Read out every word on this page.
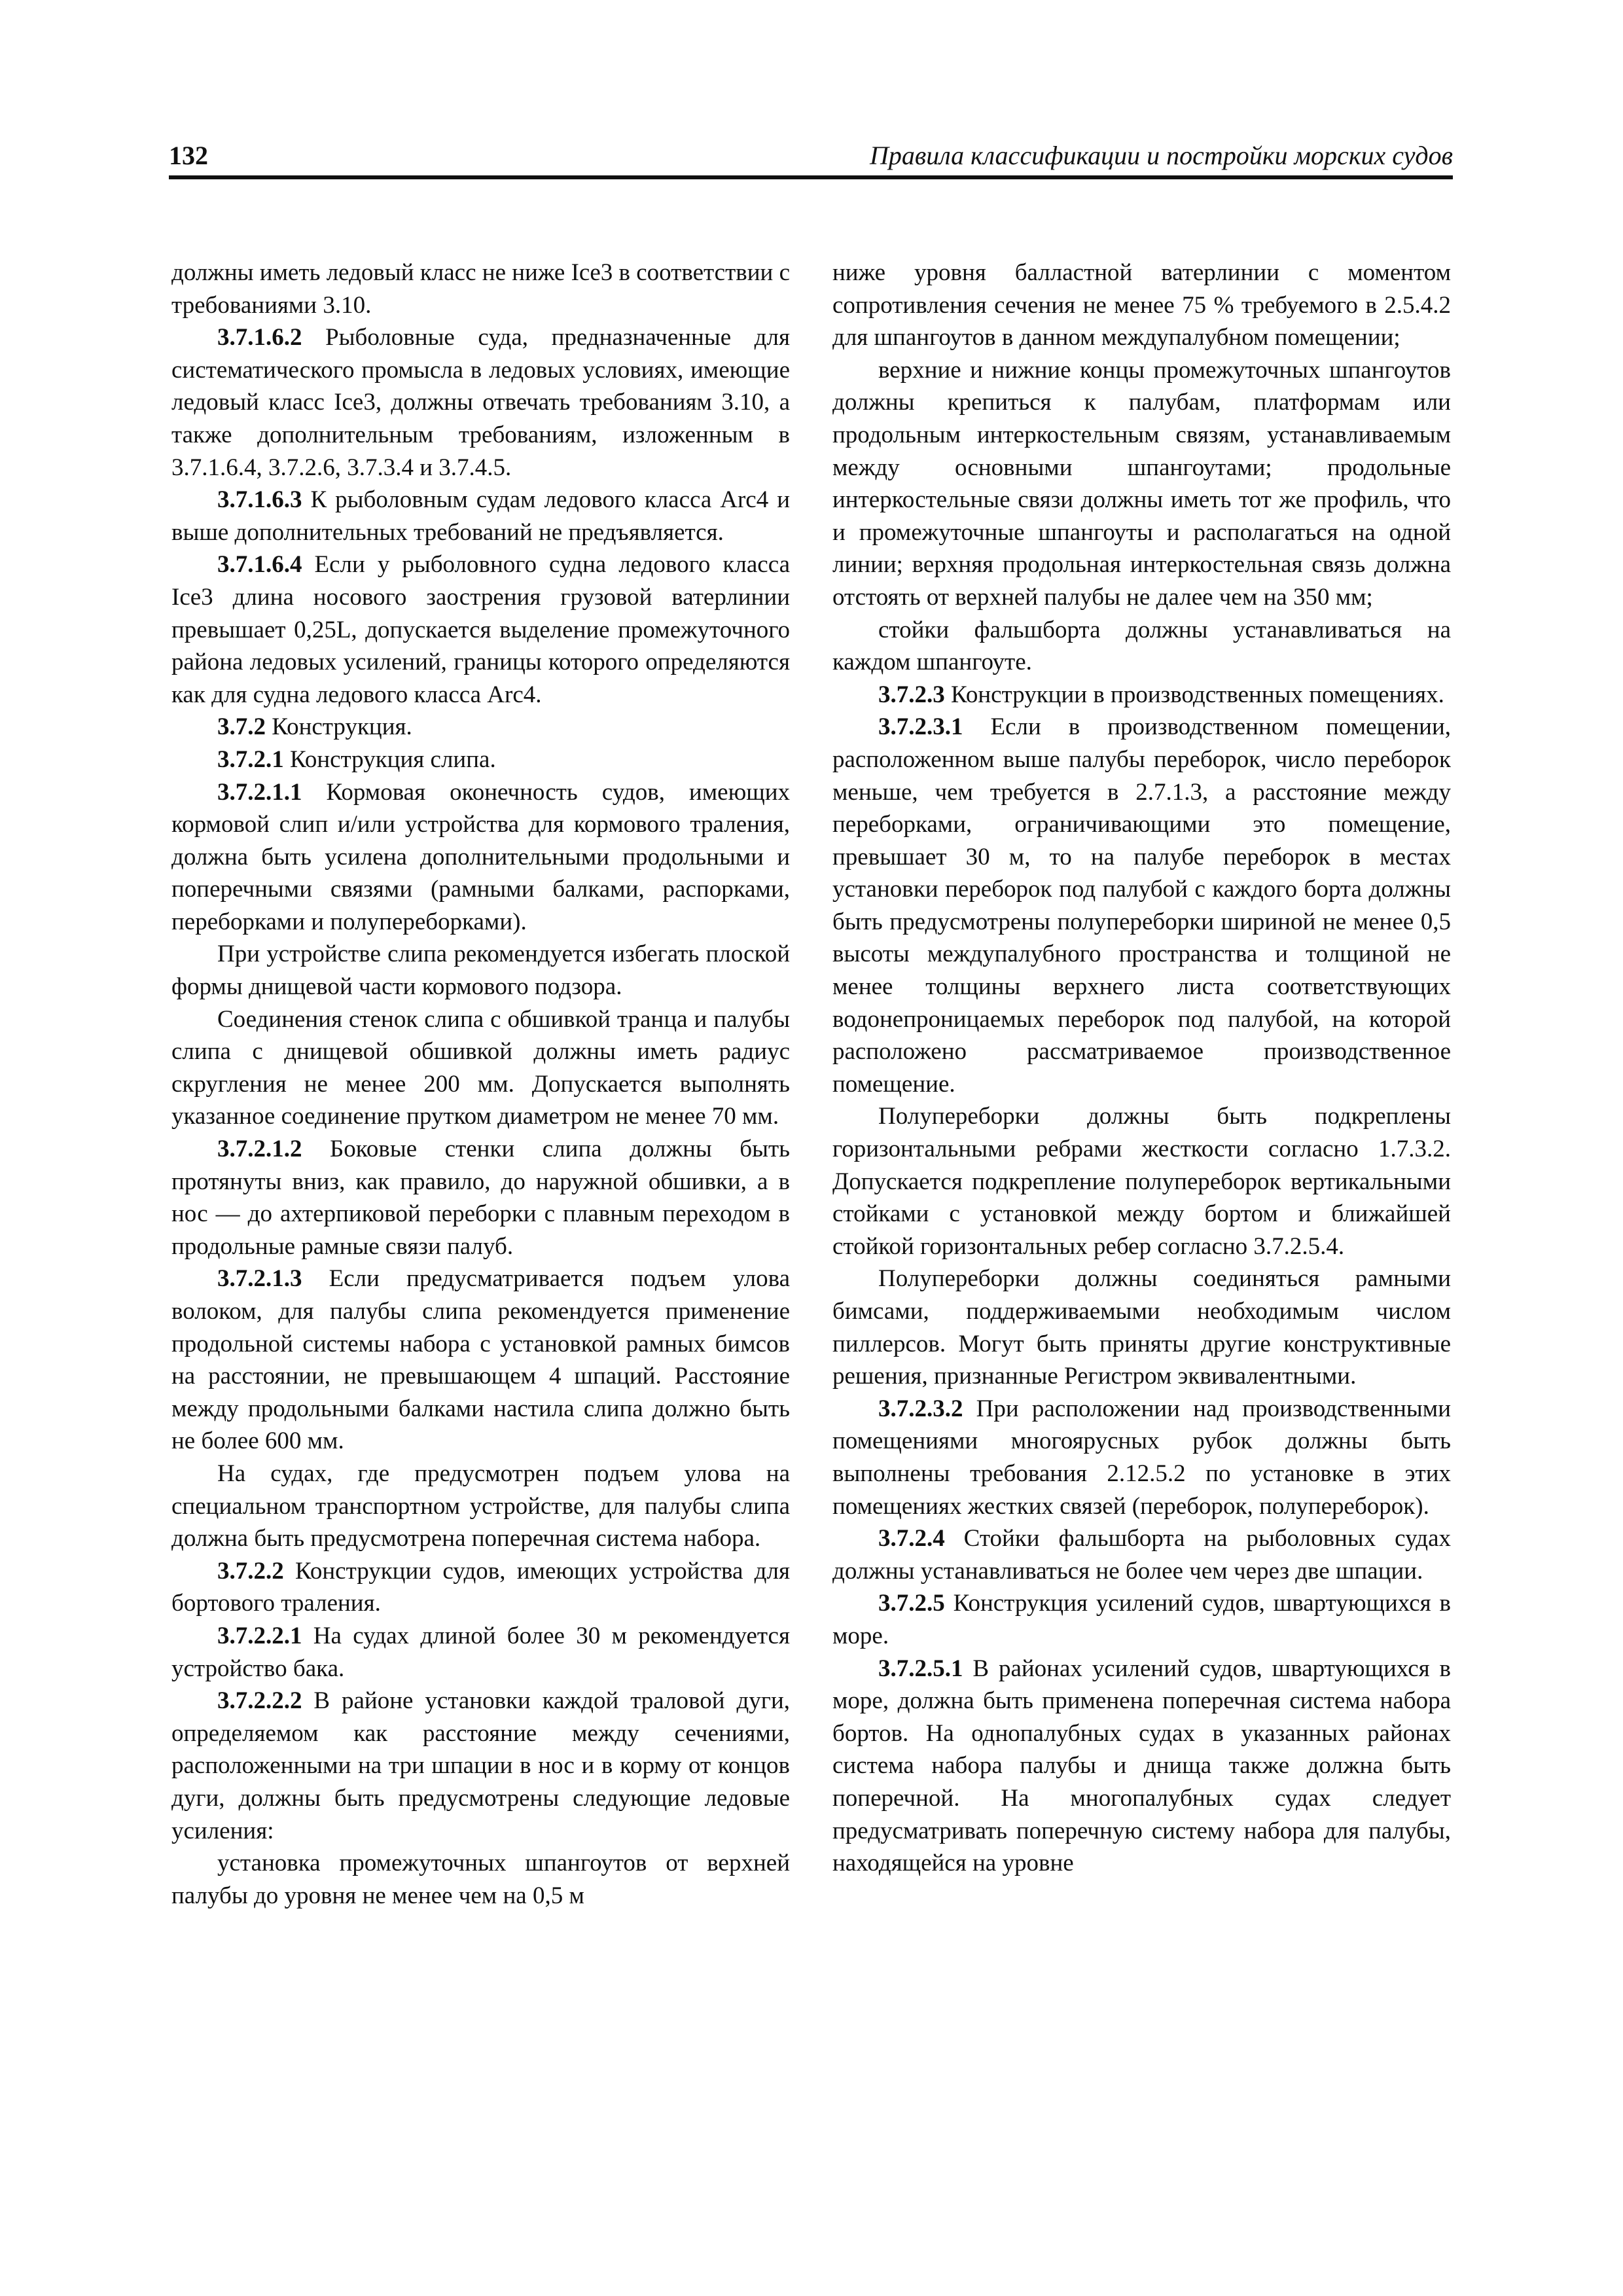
132	Правила классификации и постройки морских судов

должны иметь ледовый класс не ниже Ice3 в соответствии с требованиями 3.10.

3.7.1.6.2 Рыболовные суда, предназначенные для систематического промысла в ледовых условиях, имеющие ледовый класс Ice3, должны отвечать требованиям 3.10, а также дополнительным требованиям, изложенным в 3.7.1.6.4, 3.7.2.6, 3.7.3.4 и 3.7.4.5.

3.7.1.6.3 К рыболовным судам ледового класса Arc4 и выше дополнительных требований не предъявляется.

3.7.1.6.4 Если у рыболовного судна ледового класса Ice3 длина носового заострения грузовой ватерлинии превышает 0,25L, допускается выделение промежуточного района ледовых усилений, границы которого определяются как для судна ледового класса Arc4.

3.7.2 Конструкция.

3.7.2.1 Конструкция слипа.

3.7.2.1.1 Кормовая оконечность судов, имеющих кормовой слип и/или устройства для кормового траления, должна быть усилена дополнительными продольными и поперечными связями (рамными балками, распорками, переборками и полупереборками).

При устройстве слипа рекомендуется избегать плоской формы днищевой части кормового подзора.

Соединения стенок слипа с обшивкой транца и палубы слипа с днищевой обшивкой должны иметь радиус скругления не менее 200 мм. Допускается выполнять указанное соединение прутком диаметром не менее 70 мм.

3.7.2.1.2 Боковые стенки слипа должны быть протянуты вниз, как правило, до наружной обшивки, а в нос — до ахтерпиковой переборки с плавным переходом в продольные рамные связи палуб.

3.7.2.1.3 Если предусматривается подъем улова волоком, для палубы слипа рекомендуется применение продольной системы набора с установкой рамных бимсов на расстоянии, не превышающем 4 шпаций. Расстояние между продольными балками настила слипа должно быть не более 600 мм.

На судах, где предусмотрен подъем улова на специальном транспортном устройстве, для палубы слипа должна быть предусмотрена поперечная система набора.

3.7.2.2 Конструкции судов, имеющих устройства для бортового траления.

3.7.2.2.1 На судах длиной более 30 м рекомендуется устройство бака.

3.7.2.2.2 В районе установки каждой траловой дуги, определяемом как расстояние между сечениями, расположенными на три шпации в нос и в корму от концов дуги, должны быть предусмотрены следующие ледовые усиления:

установка промежуточных шпангоутов от верхней палубы до уровня не менее чем на 0,5 м

ниже уровня балластной ватерлинии с моментом сопротивления сечения не менее 75 % требуемого в 2.5.4.2 для шпангоутов в данном междупалубном помещении;

верхние и нижние концы промежуточных шпангоутов должны крепиться к палубам, платформам или продольным интеркостельным связям, устанавливаемым между основными шпангоутами; продольные интеркостельные связи должны иметь тот же профиль, что и промежуточные шпангоуты и располагаться на одной линии; верхняя продольная интеркостельная связь должна отстоять от верхней палубы не далее чем на 350 мм;

стойки фальшборта должны устанавливаться на каждом шпангоуте.

3.7.2.3 Конструкции в производственных помещениях.

3.7.2.3.1 Если в производственном помещении, расположенном выше палубы переборок, число переборок меньше, чем требуется в 2.7.1.3, а расстояние между переборками, ограничивающими это помещение, превышает 30 м, то на палубе переборок в местах установки переборок под палубой с каждого борта должны быть предусмотрены полупереборки шириной не менее 0,5 высоты междупалубного пространства и толщиной не менее толщины верхнего листа соответствующих водонепроницаемых переборок под палубой, на которой расположено рассматриваемое производственное помещение.

Полупереборки должны быть подкреплены горизонтальными ребрами жесткости согласно 1.7.3.2. Допускается подкрепление полупереборок вертикальными стойками с установкой между бортом и ближайшей стойкой горизонтальных ребер согласно 3.7.2.5.4.

Полупереборки должны соединяться рамными бимсами, поддерживаемыми необходимым числом пиллерсов. Могут быть приняты другие конструктивные решения, признанные Регистром эквивалентными.

3.7.2.3.2 При расположении над производственными помещениями многоярусных рубок должны быть выполнены требования 2.12.5.2 по установке в этих помещениях жестких связей (переборок, полупереборок).

3.7.2.4 Стойки фальшборта на рыболовных судах должны устанавливаться не более чем через две шпации.

3.7.2.5 Конструкция усилений судов, швартующихся в море.

3.7.2.5.1 В районах усилений судов, швартующихся в море, должна быть применена поперечная система набора бортов. На однопалубных судах в указанных районах система набора палубы и днища также должна быть поперечной. На многопалубных судах следует предусматривать поперечную систему набора для палубы, находящейся на уровне
